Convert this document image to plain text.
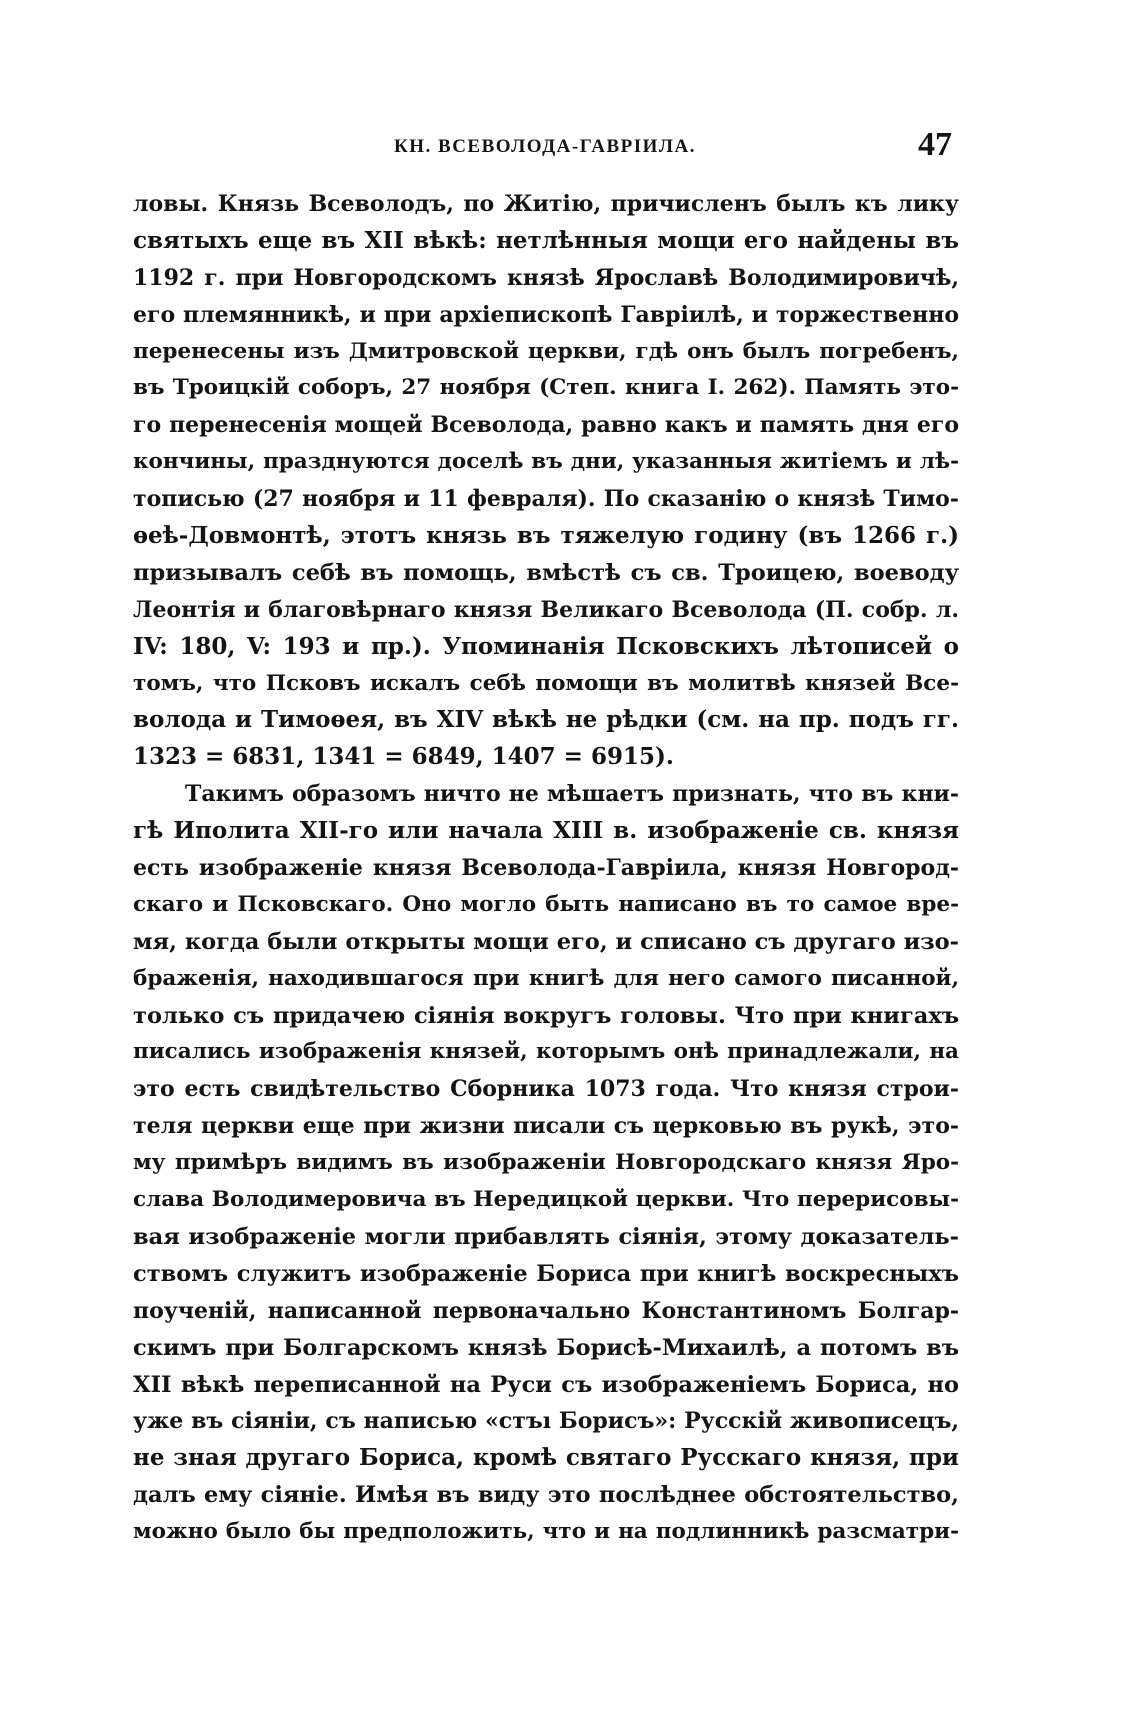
КН. ВСЕВОЛОДА-ГАВРІИЛА.	47
ловы. Князь Всеволодъ, по Житію, причисленъ былъ къ лику
святыхъ еще въ XII вѣкѣ: нетлѣнныя мощи его найдены въ
1192 г. при Новгородскомъ князѣ Ярославѣ Володимировичѣ,
его племянникѣ, и при архіепископѣ Гавріилѣ, и торжественно
перенесены изъ Дмитровской церкви, гдѣ онъ былъ погребенъ,
въ Троицкій соборъ, 27 ноября (Степ. книга I. 262). Память это-
го перенесенія мощей Всеволода, равно какъ и память дня его
кончины, празднуются доселѣ въ дни, указанныя житіемъ и лѣ-
тописью (27 ноября и 11 февраля). По сказанію о князѣ Тимо-
ѳеѣ-Довмонтѣ, этотъ князь въ тяжелую годину (въ 1266 г.)
призывалъ себѣ въ помощь, вмѣстѣ съ св. Троицею, воеводу
Леонтія и благовѣрнаго князя Великаго Всеволода (П. собр. л.
IV: 180, V: 193 и пр.). Упоминанія Псковскихъ лѣтописей о
томъ, что Псковъ искалъ себѣ помощи въ молитвѣ князей Все-
волода и Тимоѳея, въ XIV вѣкѣ не рѣдки (см. на пр. подъ гг.
1323 = 6831, 1341 = 6849, 1407 = 6915).
Такимъ образомъ ничто не мѣшаетъ признать, что въ кни-
гѣ Иполита XII-го или начала XIII в. изображеніе св. князя
есть изображеніе князя Всеволода-Гавріила, князя Новгород-
скаго и Псковскаго. Оно могло быть написано въ то самое вре-
мя, когда были открыты мощи его, и списано съ другаго изо-
браженія, находившагося при книгѣ для него самого писанной,
только съ придачею сіянія вокругъ головы. Что при книгахъ
писались изображенія князей, которымъ онѣ принадлежали, на
это есть свидѣтельство Сборника 1073 года. Что князя строи-
теля церкви еще при жизни писали съ церковью въ рукѣ, это-
му примѣръ видимъ въ изображеніи Новгородскаго князя Яро-
слава Володимеровича въ Нередицкой церкви. Что перерисовы-
вая изображеніе могли прибавлять сіянія, этому доказатель-
ствомъ служитъ изображеніе Бориса при книгѣ воскресныхъ
поученій, написанной первоначально Константиномъ Болгар-
скимъ при Болгарскомъ князѣ Борисѣ-Михаилѣ, а потомъ въ
XII вѣкѣ переписанной на Руси съ изображеніемъ Бориса, но
уже въ сіяніи, съ написью «стъı Борисъ»: Русскій живописецъ,
не зная другаго Бориса, кромѣ святаго Русскаго князя, при
далъ ему сіяніе. Имѣя въ виду это послѣднее обстоятельство,
можно было бы предположить, что и на подлинникѣ разсматри-
